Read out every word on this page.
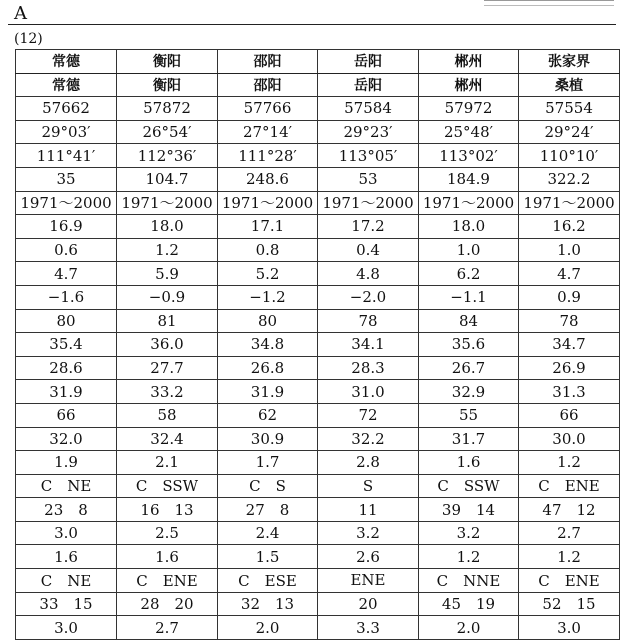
A
(12)
常德	衡阳	邵阳	岳阳	郴州	张家界
常德	衡阳	邵阳	岳阳	郴州	桑植
57662	57872	57766	57584	57972	57554
29°03′	26°54′	27°14′	29°23′	25°48′	29°24′
111°41′	112°36′	111°28′	113°05′	113°02′	110°10′
35	104.7	248.6	53	184.9	322.2
1971～2000	1971～2000	1971～2000	1971～2000	1971～2000	1971～2000
16.9	18.0	17.1	17.2	18.0	16.2
0.6	1.2	0.8	0.4	1.0	1.0
4.7	5.9	5.2	4.8	6.2	4.7
−1.6	−0.9	−1.2	−2.0	−1.1	0.9
80	81	80	78	84	78
35.4	36.0	34.8	34.1	35.6	34.7
28.6	27.7	26.8	28.3	26.7	26.9
31.9	33.2	31.9	31.0	32.9	31.3
66	58	62	72	55	66
32.0	32.4	30.9	32.2	31.7	30.0
1.9	2.1	1.7	2.8	1.6	1.2
C　NE	C　SSW	C　S	S	C　SSW	C　ENE
23　8	16　13	27　8	11	39　14	47　12
3.0	2.5	2.4	3.2	3.2	2.7
1.6	1.6	1.5	2.6	1.2	1.2
C　NE	C　ENE	C　ESE	ENE	C　NNE	C　ENE
33　15	28　20	32　13	20	45　19	52　15
3.0	2.7	2.0	3.3	2.0	3.0
